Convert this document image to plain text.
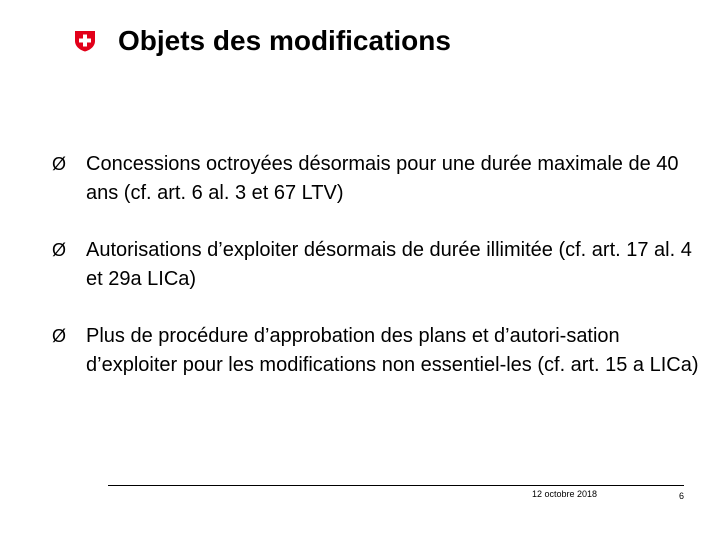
Objets des modifications
Ø Concessions octroyées désormais pour une durée maximale de 40 ans (cf. art. 6 al. 3 et 67 LTV)
Ø Autorisations d’exploiter désormais de durée illimitée (cf. art. 17 al. 4 et 29a LICa)
Ø Plus de procédure d’approbation des plans et d’autori-sation d’exploiter pour les modifications non essentiel-les (cf. art. 15 a LICa)
12 octobre 2018	6
